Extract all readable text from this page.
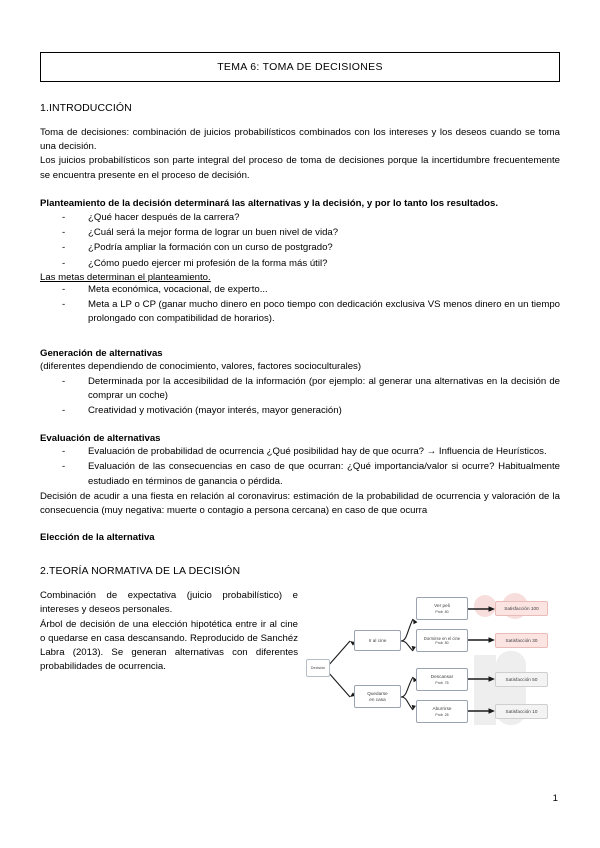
TEMA 6: TOMA DE DECISIONES
1.INTRODUCCIÓN

Toma de decisiones: combinación de juicios probabilísticos combinados con los intereses y los deseos cuando se toma una decisión.

Los juicios probabilísticos son parte integral del proceso de toma de decisiones porque la incertidumbre frecuentemente se encuentra presente en el proceso de decisión.

Planteamiento de la decisión determinará las alternativas y la decisión, y por lo tanto los resultados.

- ¿Qué hacer después de la carrera?
- ¿Cuál será la mejor forma de lograr un buen nivel de vida?
- ¿Podría ampliar la formación con un curso de postgrado?
- ¿Cómo puedo ejercer mi profesión de la forma más útil?

Las metas determinan el planteamiento.

- Meta económica, vocacional, de experto...
- Meta a LP o CP (ganar mucho dinero en poco tiempo con dedicación exclusiva VS menos dinero en un tiempo prolongado con compatibilidad de horarios).
Generación de alternativas

(diferentes dependiendo de conocimiento, valores, factores socioculturales)

- Determinada por la accesibilidad de la información (por ejemplo: al generar una alternativas en la decisión de comprar un coche)
- Creatividad y motivación (mayor interés, mayor generación)
Evaluación de alternativas
- Evaluación de probabilidad de ocurrencia ¿Qué posibilidad hay de que ocurra? → Influencia de Heurísticos.
- Evaluación de las consecuencias en caso de que ocurran: ¿Qué importancia/valor si ocurre? Habitualmente estudiado en términos de ganancia o pérdida.

Decisión de acudir a una fiesta en relación al coronavirus: estimación de la probabilidad de ocurrencia y valoración de la consecuencia (muy negativa: muerte o contagio a persona cercana) en caso de que ocurra

Elección de la alternativa
2.TEORÍA NORMATIVA DE LA DECISIÓN

Combinación de expectativa (juicio probabilístico) e intereses y deseos personales.

Árbol de decisión de una elección hipotética entre ir al cine o quedarse en casa descansando. Reproducido de Sanchéz Labra (2013). Se generan alternativas con diferentes probabilidades de ocurrencia.	Decisión
Ir al cine
Quedarse
en casa
Ver peli
Prob .50
Dormirse en el cine
Prob .50
Descansar
Prob .75
Aburrirse
Prob .25
Satisfacción 100
Satisfacción 30
Satisfacción 50
Satisfacción 10
1
